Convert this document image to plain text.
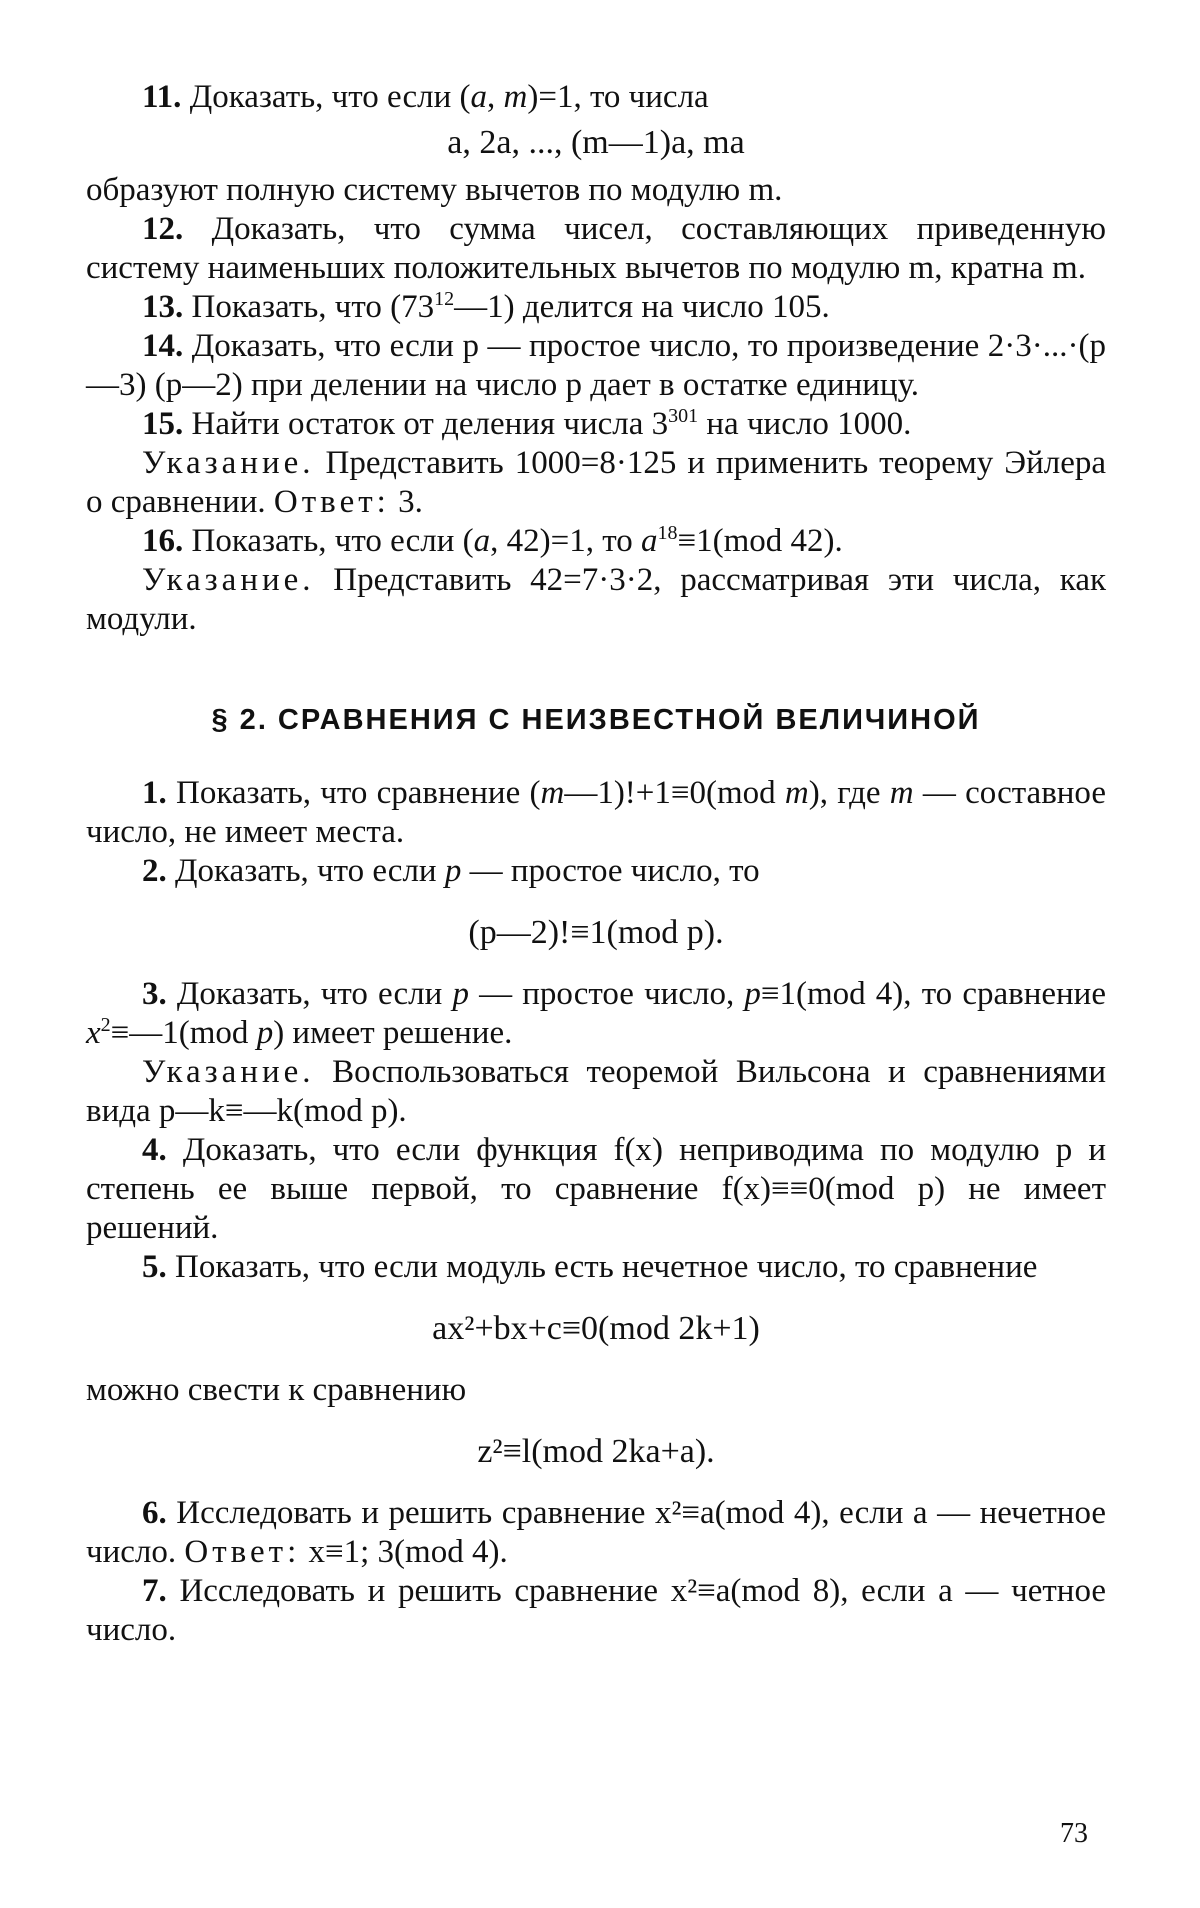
11. Доказать, что если (a, m)=1, то числа

a, 2a, ..., (m—1)a, ma

образуют полную систему вычетов по модулю m.

12. Доказать, что сумма чисел, составляющих приведенную систему наименьших положительных вычетов по модулю m, кратна m.

13. Показать, что $(73^{12}—1)$ делится на число 105.

14. Доказать, что если p — простое число, то произведение 2·3·...·(p—3) (p—2) при делении на число p дает в остатке единицу.

15. Найти остаток от деления числа $3^{301}$ на число 1000.

Указание. Представить 1000=8·125 и применить теорему Эйлера о сравнении. Ответ: 3.

16. Показать, что если (a, 42)=1, то $a^{18}\equiv 1(mod$ 42).

Указание. Представить 42=7·3·2, рассматривая эти числа, как модули.

§ 2. СРАВНЕНИЯ С НЕИЗВЕСТНОЙ ВЕЛИЧИНОЙ

1. Показать, что сравнение (m—1)!+1≡0(mod m), где m — составное число, не имеет места.

2. Доказать, что если p — простое число, то

(p—2)!≡1(mod p).

3. Доказать, что если p — простое число, p≡1(mod 4), то сравнение $x^2\equiv—1(mod$ p) имеет решение.

Указание. Воспользоваться теоремой Вильсона и сравнениями вида p—k≡—k(mod p).

4. Доказать, что если функция f(x) неприводима по модулю p и степень ее выше первой, то сравнение f(x)≡≡0(mod p) не имеет решений.

5. Показать, что если модуль есть нечетное число, то сравнение

ax²+bx+c≡0(mod 2k+1)

можно свести к сравнению

z²≡l(mod 2ka+a).

6. Исследовать и решить сравнение x²≡a(mod 4), если a — нечетное число. Ответ: x≡1; 3(mod 4).

7. Исследовать и решить сравнение x²≡a(mod 8), если a — четное число.

73
